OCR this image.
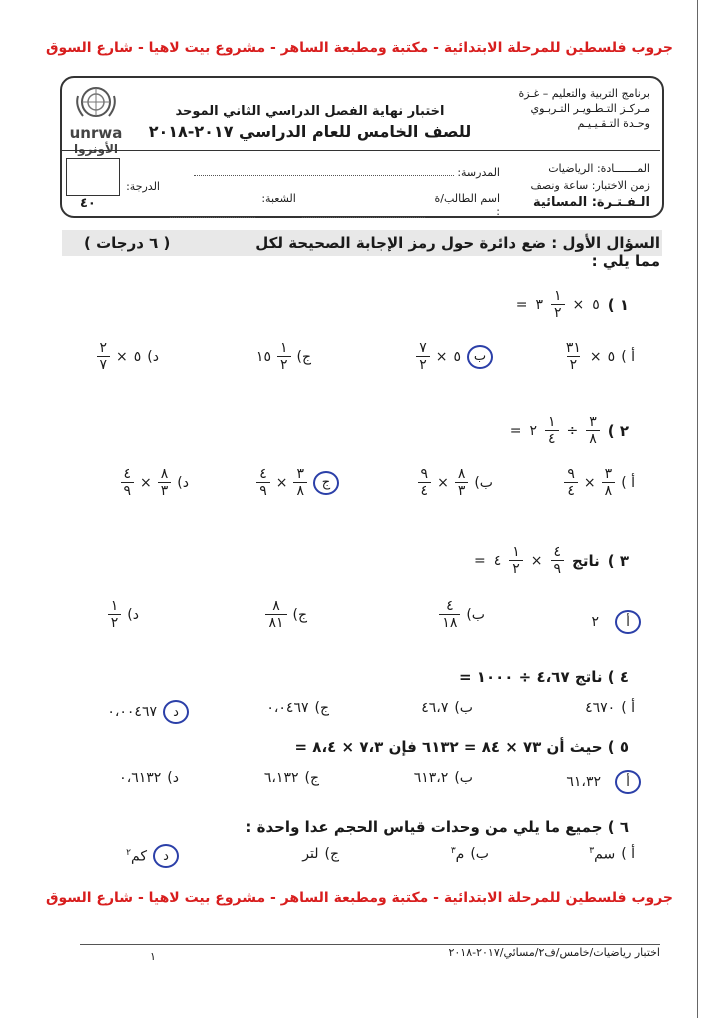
جروب فلسطين للمرحلة الابتدائية - مكتبة ومطبعة الساهر - مشروع بيت لاهيا - شارع السوق
unrwa
الأونروا
برنامج التربية والتعليم – غـزة
مـركـز التـطـويـر التـربـوي
وحـدة التـقـيـيـم
اختبار نهاية الفصل الدراسي الثاني الموحد
للصف الخامس للعام الدراسي ٢٠١٧-٢٠١٨
٤٠
الدرجة:
المدرسة:
اسم الطالب/ة :
الشعبة:
المـــــــادة: الرياضيات
زمن الاختبار: ساعة ونصف
الـفـتـرة: المسائية
السؤال الأول : ضع دائرة حول رمز الإجابة الصحيحة لكل مما يلي :
( ٦ درجات )
١ )
٥
×
$\frac{١}{٢}$
٣
=
أ )
٥
×
$\frac{٣١}{٢}$
ب
٥
×
$\frac{٧}{٢}$
ج)
$\frac{١}{٢}$
١٥
د)
٥
×
$\frac{٢}{٧}$
٢ )
$\frac{٣}{٨}$
÷
$\frac{١}{٤}$
٢
=
أ )
$\frac{٣}{٨}$
×
$\frac{٩}{٤}$
ب)
$\frac{٨}{٣}$
×
$\frac{٩}{٤}$
ج
$\frac{٣}{٨}$
×
$\frac{٤}{٩}$
د)
$\frac{٨}{٣}$
×
$\frac{٤}{٩}$
٣ )
ناتج
$\frac{٤}{٩}$
×
$\frac{١}{٢}$
٤
=
أ
٢
ب)
$\frac{٤}{١٨}$
ج)
$\frac{٨}{٨١}$
د)
$\frac{١}{٢}$
٤ ) ناتج ٤،٦٧ ÷ ١٠٠٠ =
أ )
٤٦٧٠
ب)
٤٦،٧
ج)
٠،٠٤٦٧
د
٠،٠٠٤٦٧
٥ ) حيث أن ٧٣ × ٨٤ = ٦١٣٢ فإن ٧،٣ × ٨،٤ =
أ
٦١،٣٢
ب)
٦١٣،٢
ج)
٦،١٣٢
د)
٠،٦١٣٢
٦ ) جميع ما يلي من وحدات قياس الحجم عدا واحدة :
أ )
سم$^٣$
ب)
م$^٣$
ج)
لتر
د
كم$^٢$
جروب فلسطين للمرحلة الابتدائية - مكتبة ومطبعة الساهر - مشروع بيت لاهيا - شارع السوق
١	اختبار رياضيات/خامس/ف٢/مسائي/٢٠١٧-٢٠١٨
